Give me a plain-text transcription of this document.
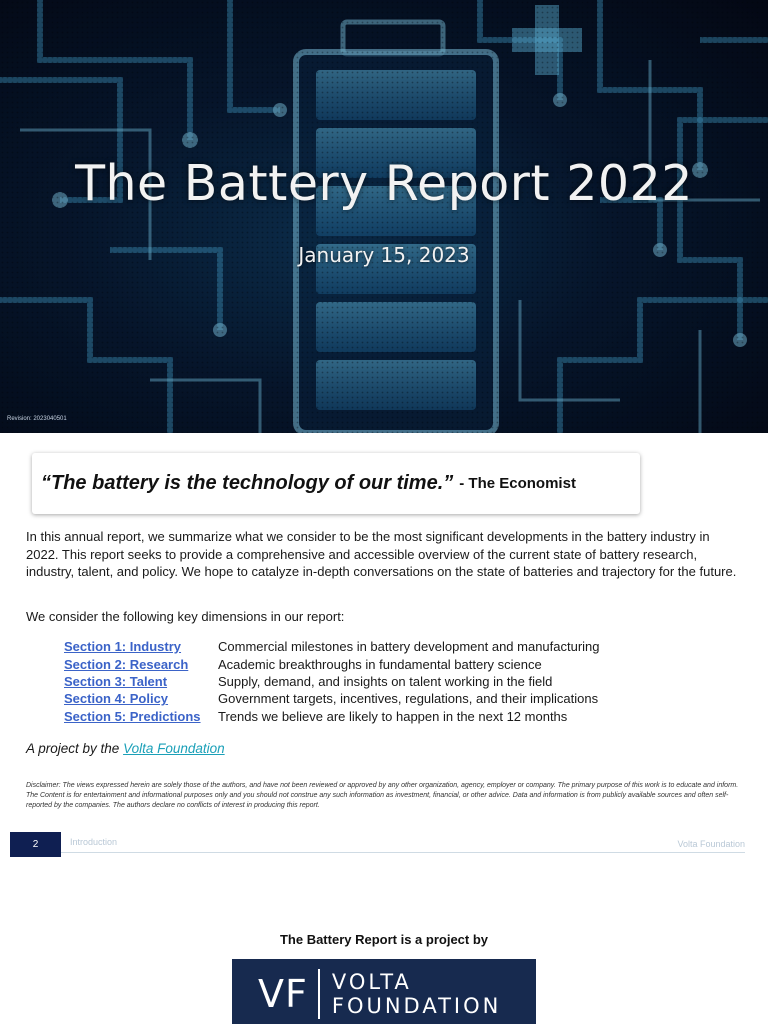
The Battery Report 2022
January 15, 2023
Revision: 2023040501
“The battery is the technology of our time.” - The Economist

In this annual report, we summarize what we consider to be the most significant developments in the battery industry in 2022. This report seeks to provide a comprehensive and accessible overview of the current state of battery research, industry, talent, and policy. We hope to catalyze in-depth conversations on the state of batteries and trajectory for the future.

We consider the following key dimensions in our report:

Section 1: Industry	Commercial milestones in battery development and manufacturing
Section 2: Research	Academic breakthroughs in fundamental battery science
Section 3: Talent	Supply, demand, and insights on talent working in the field
Section 4: Policy	Government targets, incentives, regulations, and their implications
Section 5: Predictions	Trends we believe are likely to happen in the next 12 months

A project by the Volta Foundation

Disclaimer: The views expressed herein are solely those of the authors, and have not been reviewed or approved by any other organization, agency, employer or company. The primary purpose of this work is to educate and inform. The Content is for entertainment and informational purposes only and you should not construe any such information as investment, financial, or other advice. Data and information is from publicly available sources and often self-reported by the companies. The authors declare no conflicts of interest in producing this report.

2	Introduction	Volta Foundation
The Battery Report is a project by
VF VOLTA
FOUNDATION
